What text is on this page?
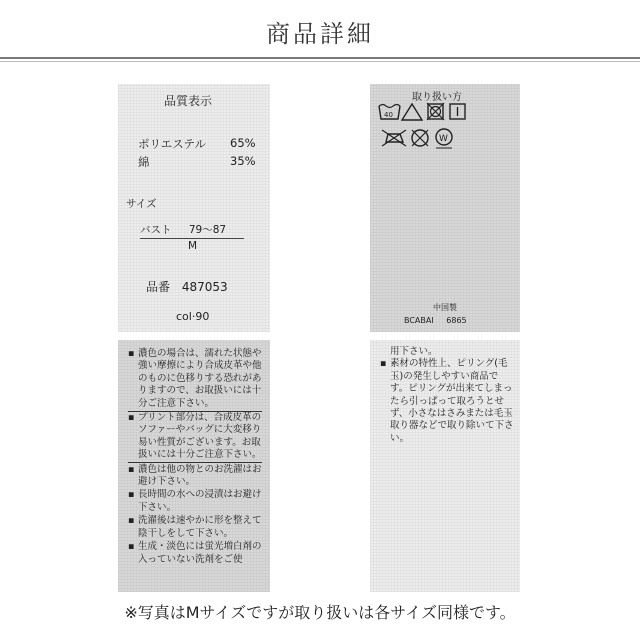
商品詳細
品質表示
ポリエステル 65%
綿	35%
サイズ
バスト 79〜87
M
品番 487053
col·90
取り扱い方
40
W
中国製
BCABAI 6865
▪ 濃色の場合は、濡れた状態や強い摩擦により合成皮革や他のものに色移りする恐れがありますので、お取扱いには十分ご注意下さい。
▪ プリント部分は、合成皮革のソファーやバッグに大変移り易い性質がございます。お取扱いには十分ご注意下さい。
▪ 濃色は他の物とのお洗濯はお避け下さい。
▪ 長時間の水への浸漬はお避け下さい。
▪ 洗濯後は速やかに形を整えて陰干しをして下さい。
▪ 生成・淡色には蛍光増白剤の入っていない洗剤をご使
用下さい。
▪ 素材の特性上、ピリング(毛玉)の発生しやすい商品です。ピリングが出来てしまったら引っぱって取ろうとせず、小さなはさみまたは毛玉取り器などで取り除いて下さい。
※写真はMサイズですが取り扱いは各サイズ同様です。
